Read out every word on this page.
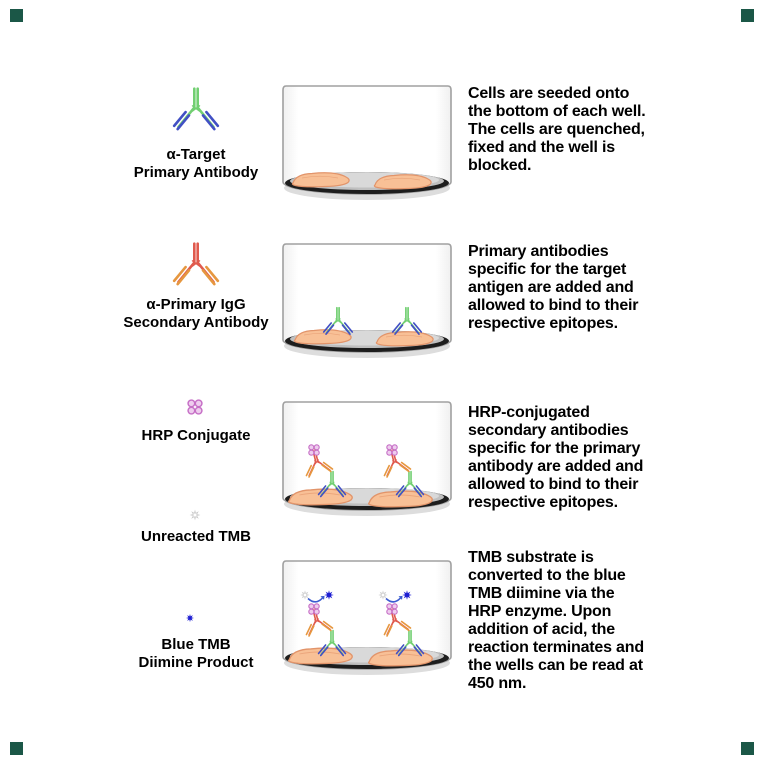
α-Target
Primary Antibody
Cells are seeded onto
the bottom of each well.
The cells are quenched,
fixed and the well is
blocked.
α-Primary IgG
Secondary Antibody
Primary antibodies
specific for the target
antigen are added and
allowed to bind to their
respective epitopes.
HRP Conjugate
HRP-conjugated
secondary antibodies
specific for the primary
antibody are added and
allowed to bind to their
respective epitopes.
Unreacted TMB
Blue TMB
Diimine Product
TMB substrate is
converted to the blue
TMB diimine via the
HRP enzyme. Upon
addition of acid, the
reaction terminates and
the wells can be read at
450 nm.
